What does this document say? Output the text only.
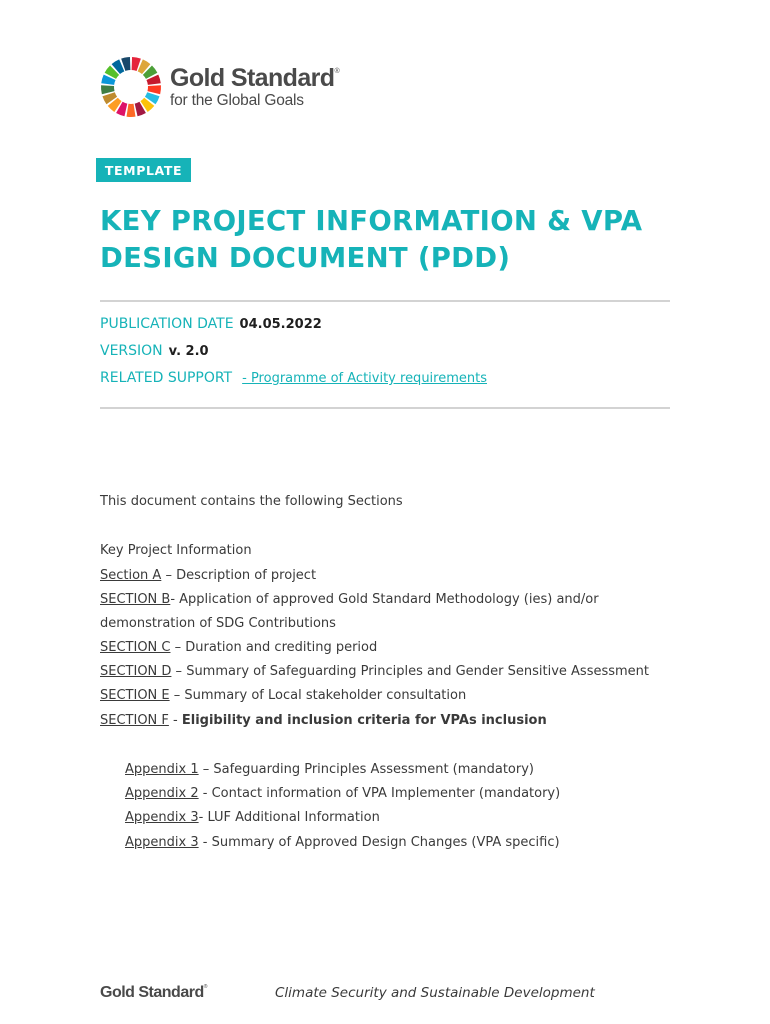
Gold Standard®
for the Global Goals
TEMPLATE
KEY PROJECT INFORMATION & VPA
DESIGN DOCUMENT (PDD)
PUBLICATION DATE 04.05.2022
VERSION v. 2.0
RELATED SUPPORT - Programme of Activity requirements
This document contains the following Sections
Key Project Information
Section A – Description of project
SECTION B- Application of approved Gold Standard Methodology (ies) and/or
demonstration of SDG Contributions
SECTION C – Duration and crediting period
SECTION D – Summary of Safeguarding Principles and Gender Sensitive Assessment
SECTION E – Summary of Local stakeholder consultation
SECTION F - Eligibility and inclusion criteria for VPAs inclusion
Appendix 1 – Safeguarding Principles Assessment (mandatory)
Appendix 2 - Contact information of VPA Implementer (mandatory)
Appendix 3- LUF Additional Information
Appendix 3 - Summary of Approved Design Changes (VPA specific)
Gold Standard®	Climate Security and Sustainable Development
